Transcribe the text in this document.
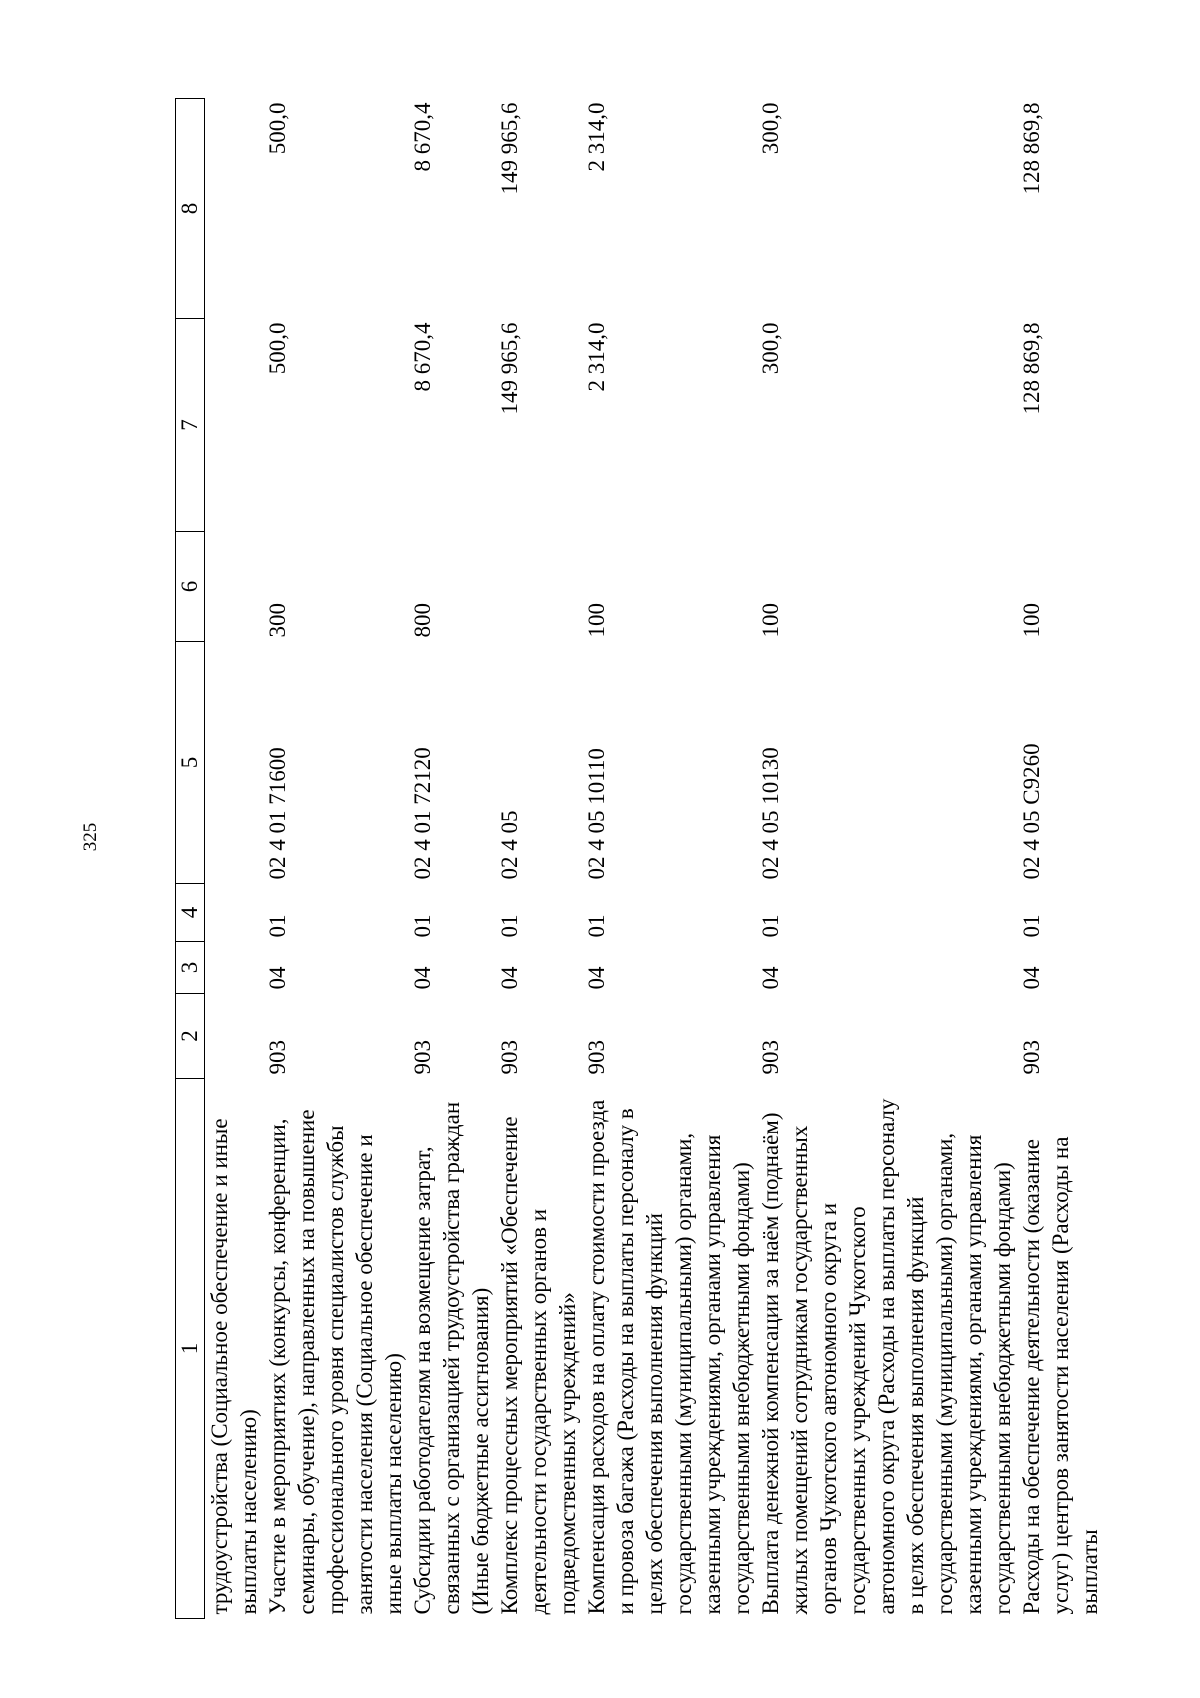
325
1	2	3	4	5	6	7	8
трудоустройства (Социальное обеспечение и иные выплаты населению)							
Участие в мероприятиях (конкурсы, конференции, семинары, обучение), направленных на повышение профессионального уровня специалистов службы занятости населения (Социальное обеспечение и иные выплаты населению)	903	04	01	02 4 01 71600	300	500,0	500,0
Субсидии работодателям на возмещение затрат, связанных с организацией трудоустройства граждан (Иные бюджетные ассигнования)	903	04	01	02 4 01 72120	800	8 670,4	8 670,4
Комплекс процессных мероприятий «Обеспечение деятельности государственных органов и подведомственных учреждений»	903	04	01	02 4 05		149 965,6	149 965,6
Компенсация расходов на оплату стоимости проезда и провоза багажа (Расходы на выплаты персоналу в целях обеспечения выполнения функций государственными (муниципальными) органами, казенными учреждениями, органами управления государственными внебюджетными фондами)	903	04	01	02 4 05 10110	100	2 314,0	2 314,0
Выплата денежной компенсации за наём (поднаём) жилых помещений сотрудникам государственных органов Чукотского автономного округа и государственных учреждений Чукотского автономного округа (Расходы на выплаты персоналу в целях обеспечения выполнения функций государственными (муниципальными) органами, казенными учреждениями, органами управления государственными внебюджетными фондами)	903	04	01	02 4 05 10130	100	300,0	300,0
Расходы на обеспечение деятельности (оказание услуг) центров занятости населения (Расходы на выплаты	903	04	01	02 4 05 С9260	100	128 869,8	128 869,8
